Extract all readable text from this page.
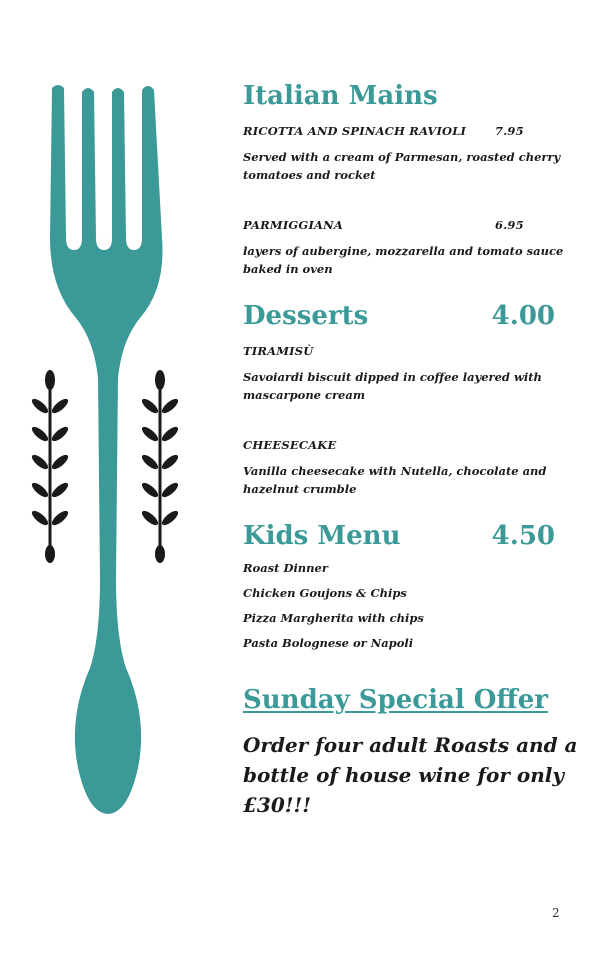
Italian Mains
RICOTTA AND SPINACH RAVIOLI	7.95
Served with a cream of Parmesan, roasted cherry tomatoes and rocket
PARMIGGIANA	6.95
layers of aubergine, mozzarella and tomato sauce baked in oven
Desserts	4.00
TIRAMISÙ
Savoiardi biscuit dipped in coffee layered with mascarpone cream
CHEESECAKE
Vanilla cheesecake with Nutella, chocolate and hazelnut crumble
Kids Menu	4.50
Roast Dinner
Chicken Goujons & Chips
Pizza Margherita with chips
Pasta Bolognese or Napoli
Sunday Special Offer
Order four adult Roasts and a bottle of house wine for only £30!!!
2
